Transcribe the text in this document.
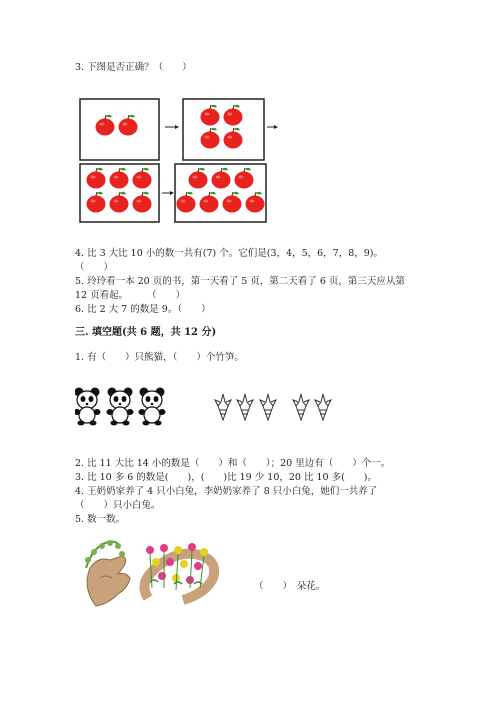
3. 下图是否正确？（　　）
4. 比 3 大比 10 小的数一共有(7) 个。它们是(3，4，5，6，7，8，9)。
（　　）
5. 玲玲看一本 20 页的书，第一天看了 5 页，第二天看了 6 页，第三天应从第
12 页看起。　　　（　　）
6. 比 2 大 7 的数是 9。（　　）
三. 填空题(共 6 题，共 12 分)
1. 有（　　）只熊猫，（　　）个竹笋。
2. 比 11 大比 14 小的数是（　　）和（　　）；20 里边有（　　）个一。
3. 比 10 多 6 的数是(　　)，(　　)比 19 少 10，20 比 10 多(　　)。
4. 王奶奶家养了 4 只小白兔，李奶奶家养了 8 只小白兔，她们一共养了
（　　）只小白兔。
5. 数一数。
（　　）　朵花。
